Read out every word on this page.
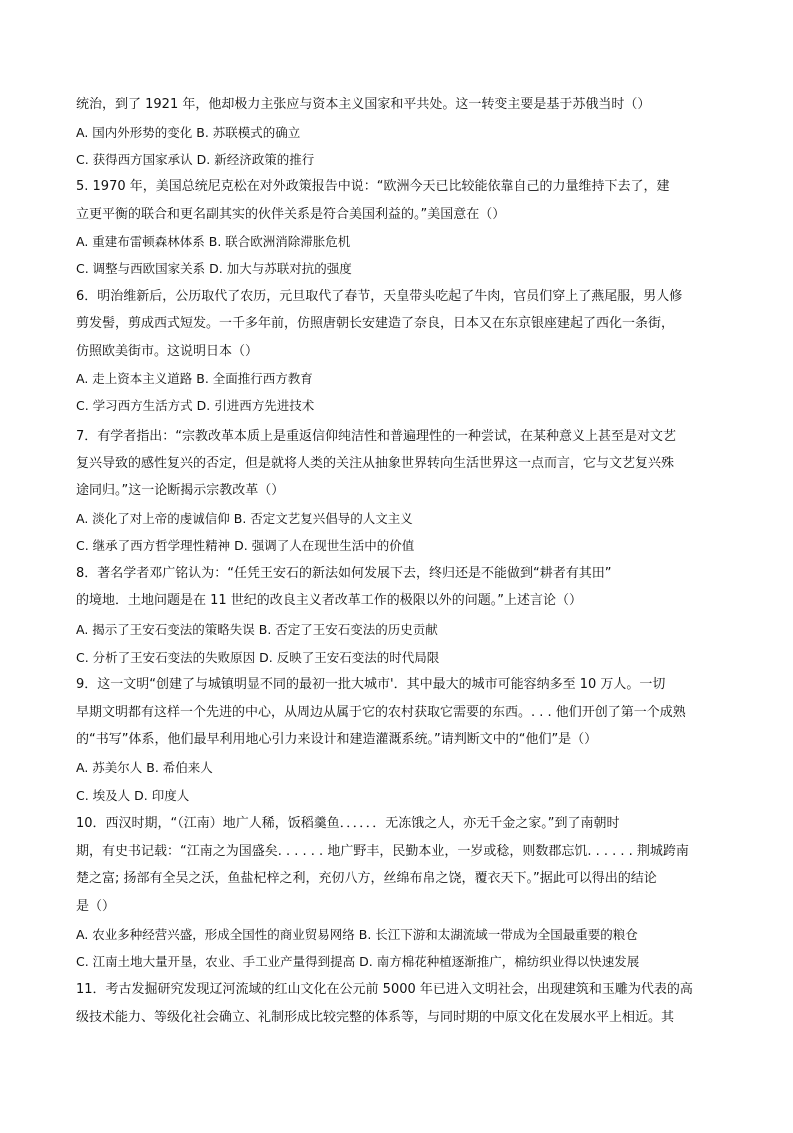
统治，到了 1921 年，他却极力主张应与资本主义国家和平共处。这一转变主要是基于苏俄当时（）
A. 国内外形势的变化 B. 苏联模式的确立
C. 获得西方国家承认 D. 新经济政策的推行
5. 1970 年，美国总统尼克松在对外政策报告中说：“欧洲今天已比较能依靠自己的力量维持下去了，建
立更平衡的联合和更名副其实的伙伴关系是符合美国利益的。”美国意在（）
A. 重建布雷顿森林体系 B. 联合欧洲消除滞胀危机
C. 调整与西欧国家关系 D. 加大与苏联对抗的强度
6．明治维新后，公历取代了农历，元旦取代了春节，天皇带头吃起了牛肉，官员们穿上了燕尾服，男人修
剪发髻，剪成西式短发。一千多年前，仿照唐朝长安建造了奈良，日本又在东京银座建起了西化一条街，
仿照欧美街市。这说明日本（）
A. 走上资本主义道路 B. 全面推行西方教育
C. 学习西方生活方式 D. 引进西方先进技术
7．有学者指出：“宗教改革本质上是重返信仰纯洁性和普遍理性的一种尝试，在某种意义上甚至是对文艺
复兴导致的感性复兴的否定，但是就将人类的关注从抽象世界转向生活世界这一点而言，它与文艺复兴殊
途同归。”这一论断揭示宗教改革（）
A. 淡化了对上帝的虔诚信仰 B. 否定文艺复兴倡导的人文主义
C. 继承了西方哲学理性精神 D. 强调了人在现世生活中的价值
8．著名学者邓广铭认为：“任凭王安石的新法如何发展下去，终归还是不能做到“耕者有其田”
的境地．土地问题是在 11 世纪的改良主义者改革工作的极限以外的问题。”上述言论（）
A. 揭示了王安石变法的策略失误 B. 否定了王安石变法的历史贡献
C. 分析了王安石变法的失败原因 D. 反映了王安石变法的时代局限
9．这一文明“创建了与城镇明显不同的最初一批大城市'．其中最大的城市可能容纳多至 10 万人。一切
早期文明都有这样一个先进的中心，从周边从属于它的农村获取它需要的东西。. . . 他们开创了第一个成熟
的“书写”体系，他们最早利用地心引力来设计和建造灌溉系统。”请判断文中的“他们”是（）
A. 苏美尔人 B. 希伯来人
C. 埃及人 D. 印度人
10．西汉时期，“（江南）地广人稀，饭稻羹鱼．．．．．．无冻饿之人，亦无千金之家。”到了南朝时
期，有史书记载：“江南之为国盛矣. . . . . . 地广野丰，民勤本业，一岁或稔，则数郡忘饥. . . . . . 荆城跨南
楚之富; 扬部有全吴之沃，鱼盐杞梓之利，充仞八方，丝绵布帛之饶，覆衣天下。”据此可以得出的结论
是（）
A. 农业多种经营兴盛，形成全国性的商业贸易网络 B. 长江下游和太湖流域一带成为全国最重要的粮仓
C. 江南土地大量开垦，农业、手工业产量得到提高 D. 南方棉花种植逐渐推广，棉纺织业得以快速发展
11．考古发掘研究发现辽河流域的红山文化在公元前 5000 年已进入文明社会，出现建筑和玉雕为代表的高
级技术能力、等级化社会确立、礼制形成比较完整的体系等，与同时期的中原文化在发展水平上相近。其
